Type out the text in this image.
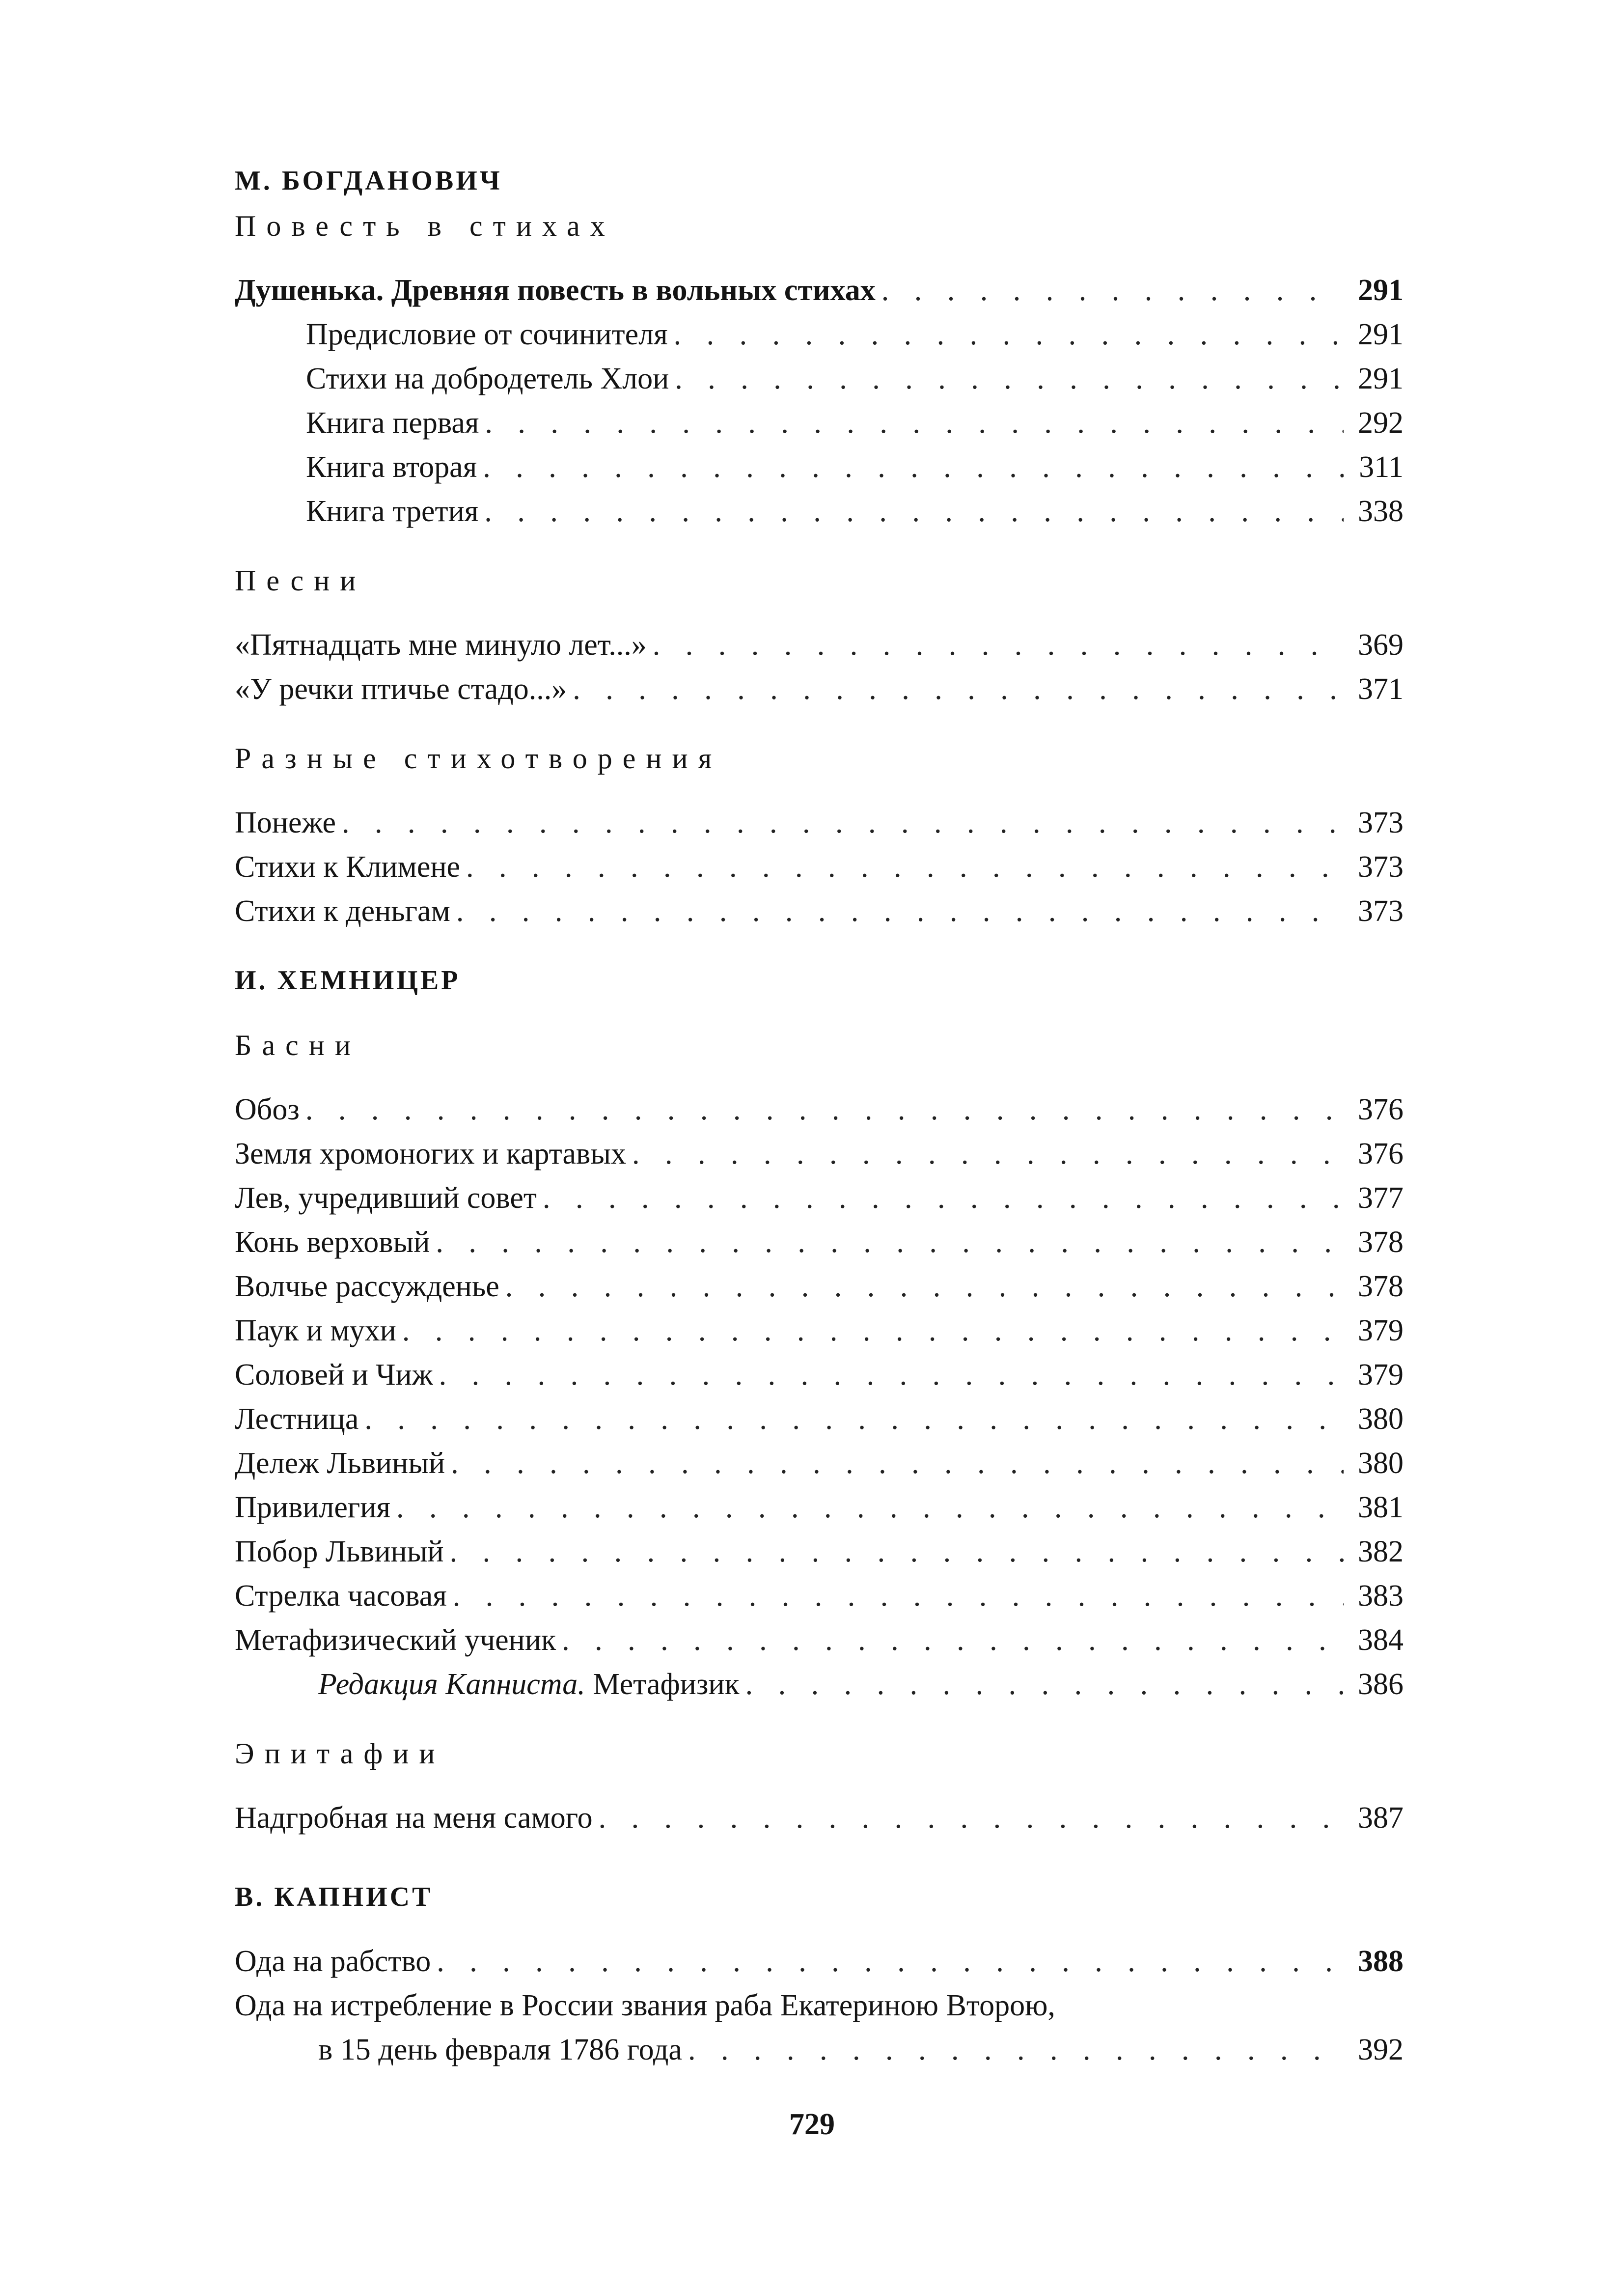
М. БОГДАНОВИЧ
Повесть в стихах
Душенька. Древняя повесть в вольных стихах . . .	291
Предисловие от сочинителя . . .	291
Стихи на добродетель Хлои . . .	291
Книга первая . . .	292
Книга вторая . . .	311
Книга третия . . .	338
Песни
«Пятнадцать мне минуло лет...» . . .	369
«У речки птичье стадо...» . . .	371
Разные стихотворения
Понеже . . .	373
Стихи к Климене . . .	373
Стихи к деньгам . . .	373
И. ХЕМНИЦЕР
Басни
Обоз . . .	376
Земля хромоногих и картавых . . .	376
Лев, учредивший совет . . .	377
Конь верховый . . .	378
Волчье рассужденье . . .	378
Паук и мухи . . .	379
Соловей и Чиж . . .	379
Лестница . . .	380
Дележ Львиный . . .	380
Привилегия . . .	381
Побор Львиный . . .	382
Стрелка часовая . . .	383
Метафизический ученик . . .	384
Редакция Капниста. Метафизик . . .	386
Эпитафии
Надгробная на меня самого . . .	387
В. КАПНИСТ
Ода на рабство . . .	388
Ода на истребление в России звания раба Екатериною Второю,
в 15 день февраля 1786 года . . .	392
729
